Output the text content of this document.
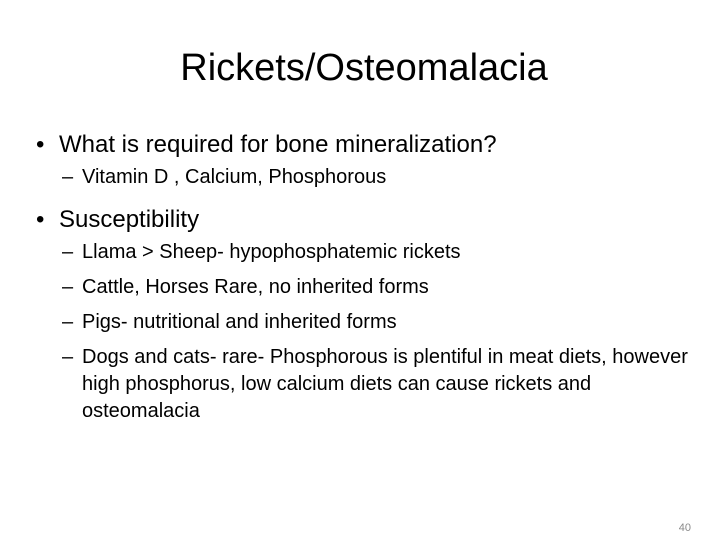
Rickets/Osteomalacia
• What is required for bone mineralization?
– Vitamin D , Calcium, Phosphorous
• Susceptibility
– Llama > Sheep- hypophosphatemic rickets
– Cattle, Horses Rare, no inherited forms
– Pigs- nutritional and inherited forms
– Dogs and cats- rare- Phosphorous is plentiful in meat diets, however high phosphorus, low calcium diets can cause rickets and osteomalacia
40
